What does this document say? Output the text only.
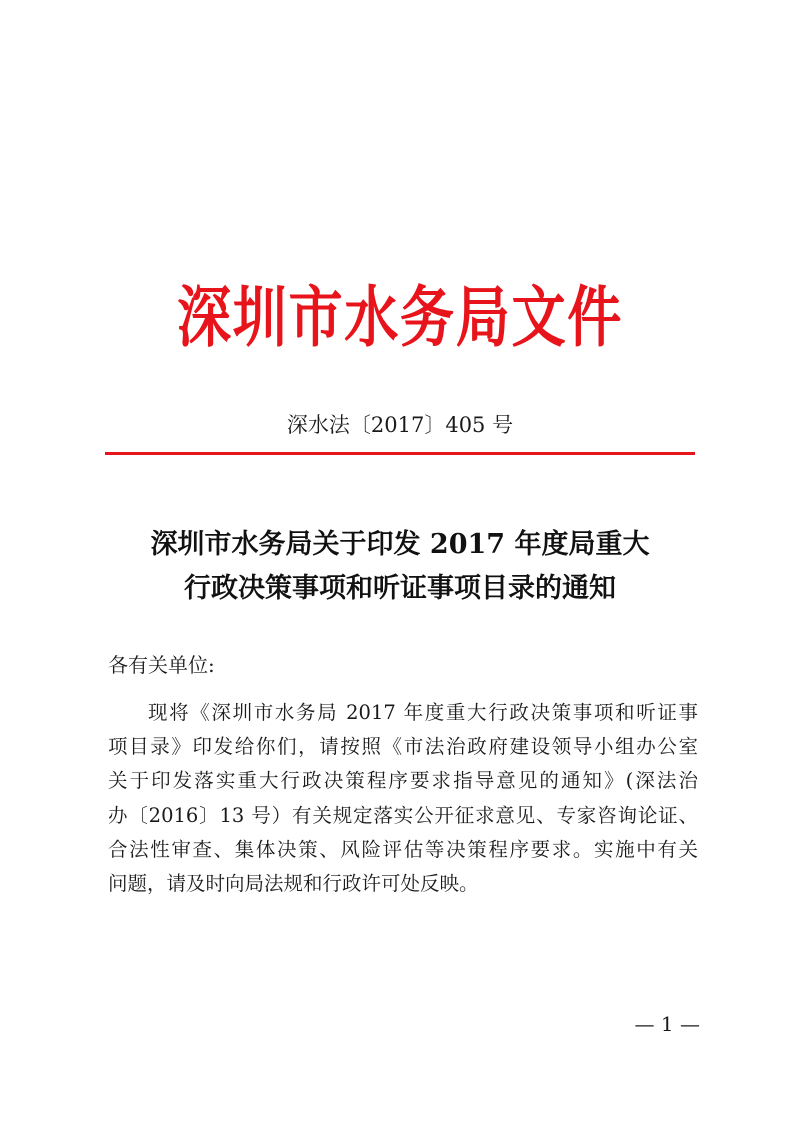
深圳市水务局文件
深水法〔2017〕405 号
深圳市水务局关于印发 2017 年度局重大
行政决策事项和听证事项目录的通知
各有关单位:
现将《深圳市水务局 2017 年度重大行政决策事项和听证事
项目录》印发给你们，请按照《市法治政府建设领导小组办公室
关于印发落实重大行政决策程序要求指导意见的通知》(深法治
办〔2016〕13 号）有关规定落实公开征求意见、专家咨询论证、
合法性审查、集体决策、风险评估等决策程序要求。实施中有关
问题，请及时向局法规和行政许可处反映。
— 1 —
